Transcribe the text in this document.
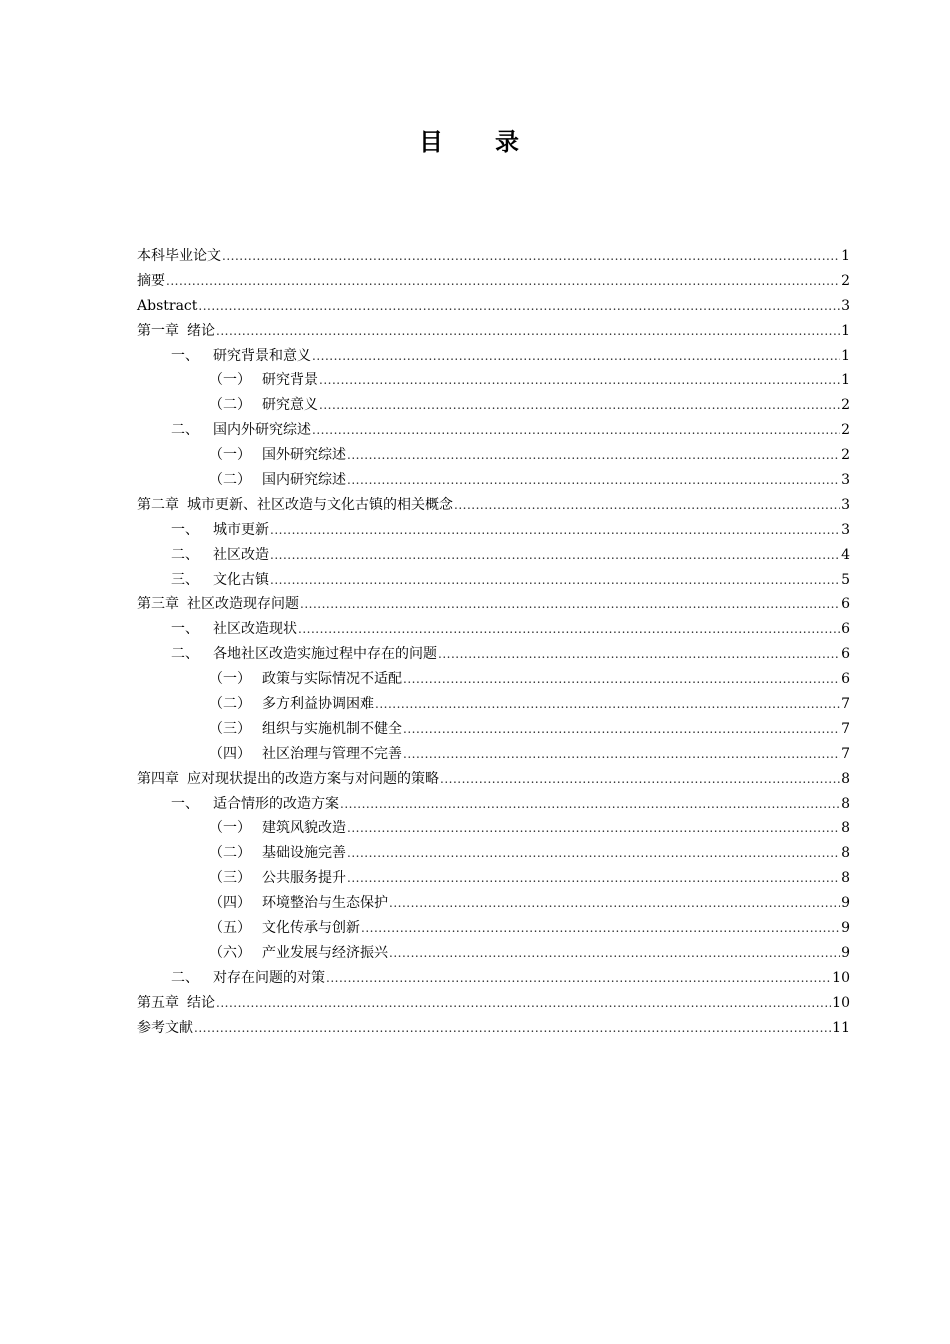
目录
本科毕业论文 .....	1
摘要 .....	2
Abstract .....	3
第一章 绪论 .....	1
一、	研究背景和意义 .....	1
（一） 研究背景 .....	1
（二） 研究意义 .....	2
二、	国内外研究综述 .....	2
（一） 国外研究综述 .....	2
（二） 国内研究综述 .....	3
第二章 城市更新、社区改造与文化古镇的相关概念 .....	3
一、	城市更新 .....	3
二、	社区改造 .....	4
三、	文化古镇 .....	5
第三章 社区改造现存问题 .....	6
一、	社区改造现状 .....	6
二、	各地社区改造实施过程中存在的问题 .....	6
（一） 政策与实际情况不适配 .....	6
（二） 多方利益协调困难 .....	7
（三） 组织与实施机制不健全 .....	7
（四） 社区治理与管理不完善 .....	7
第四章 应对现状提出的改造方案与对问题的策略 .....	8
一、	适合情形的改造方案 .....	8
（一） 建筑风貌改造 .....	8
（二） 基础设施完善 .....	8
（三） 公共服务提升 .....	8
（四） 环境整治与生态保护 .....	9
（五） 文化传承与创新 .....	9
（六） 产业发展与经济振兴 .....	9
二、	对存在问题的对策 .....	10
第五章 结论 .....	10
参考文献 .....	11
